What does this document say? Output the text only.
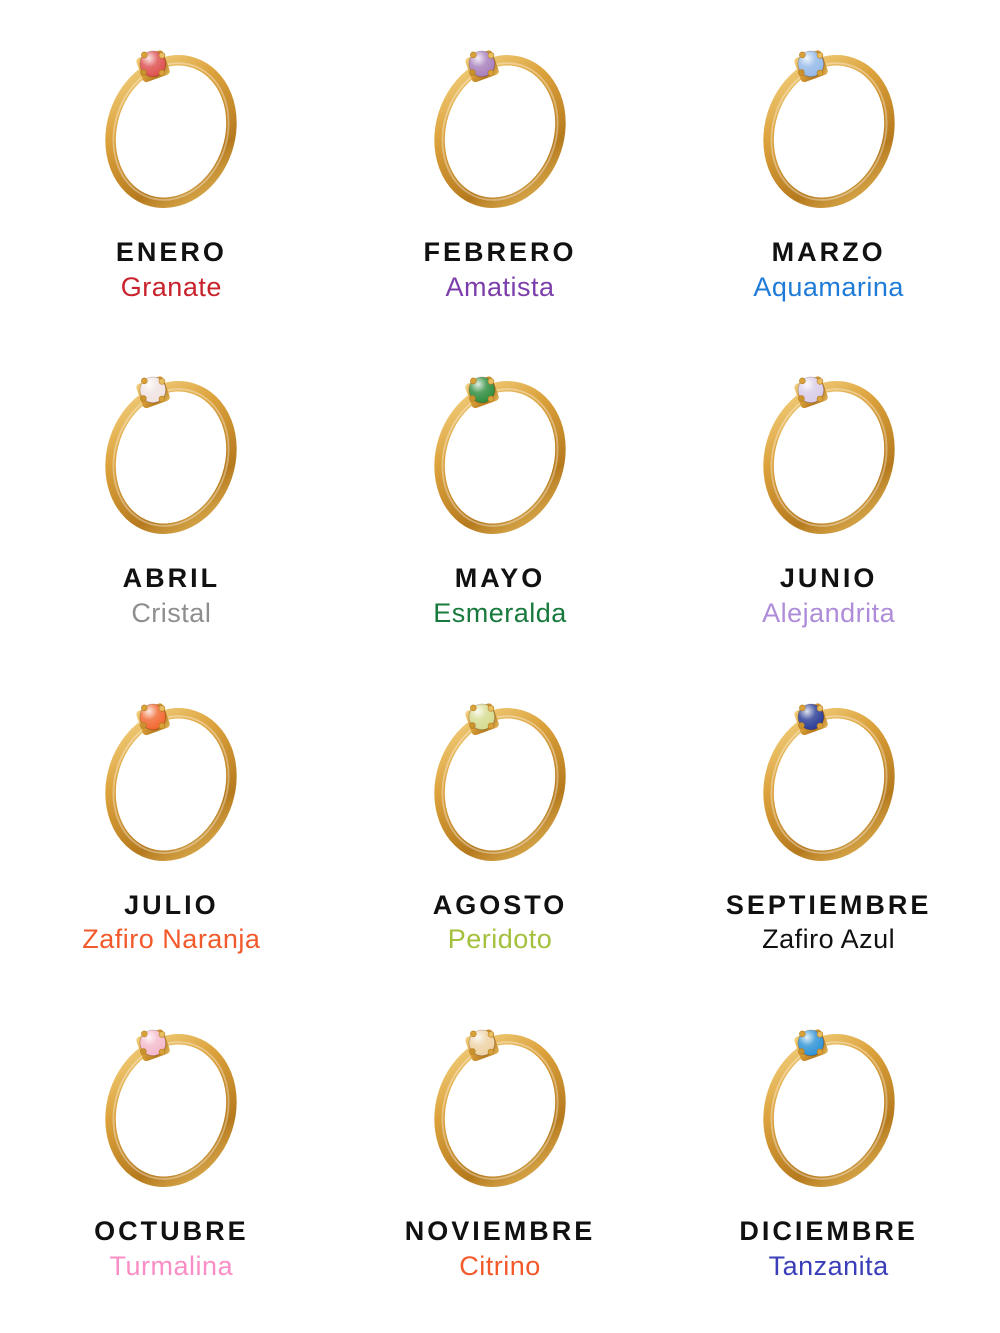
ENERO
Granate
FEBRERO
Amatista
MARZO
Aquamarina
ABRIL
Cristal
MAYO
Esmeralda
JUNIO
Alejandrita
JULIO
Zafiro Naranja
AGOSTO
Peridoto
SEPTIEMBRE
Zafiro Azul
OCTUBRE
Turmalina
NOVIEMBRE
Citrino
DICIEMBRE
Tanzanita
